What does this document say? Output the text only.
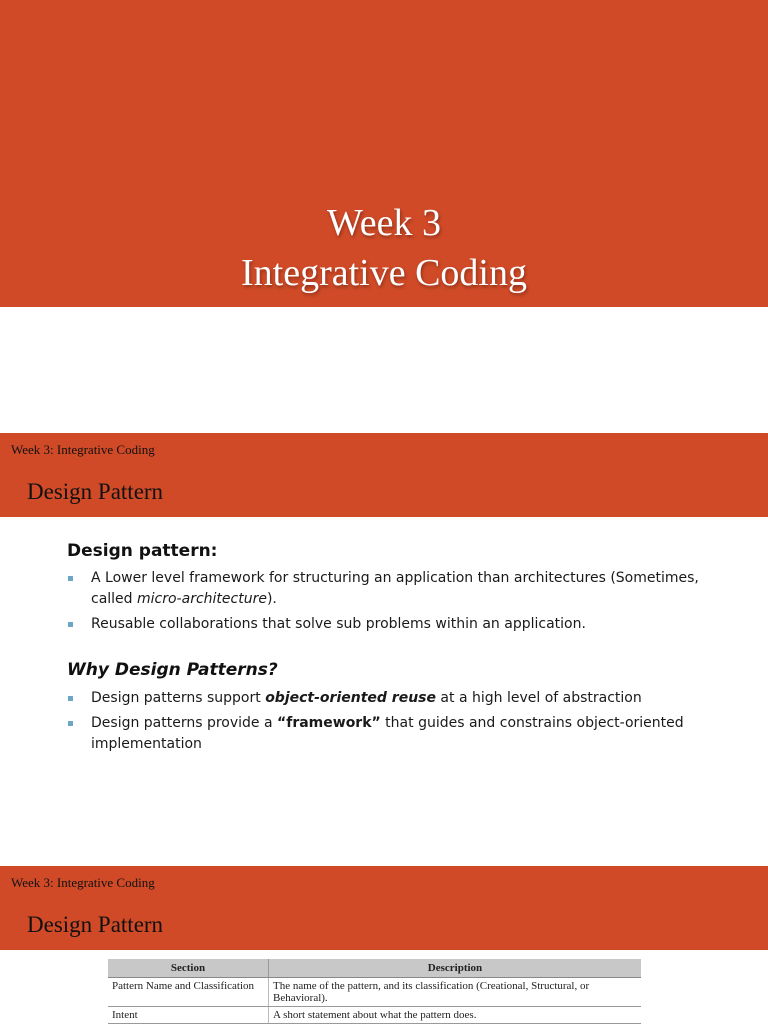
Week 3
Integrative Coding
Week 3: Integrative Coding
Design Pattern
Design pattern:
A Lower level framework for structuring an application than architectures (Sometimes, called micro-architecture).
Reusable collaborations that solve sub problems within an application.
Why Design Patterns?
Design patterns support object-oriented reuse at a high level of abstraction
Design patterns provide a “framework” that guides and constrains object-oriented implementation
Week 3: Integrative Coding
Design Pattern
Section	Description
Pattern Name and Classification	The name of the pattern, and its classification (Creational, Structural, or Behavioral).
Intent	A short statement about what the pattern does.
